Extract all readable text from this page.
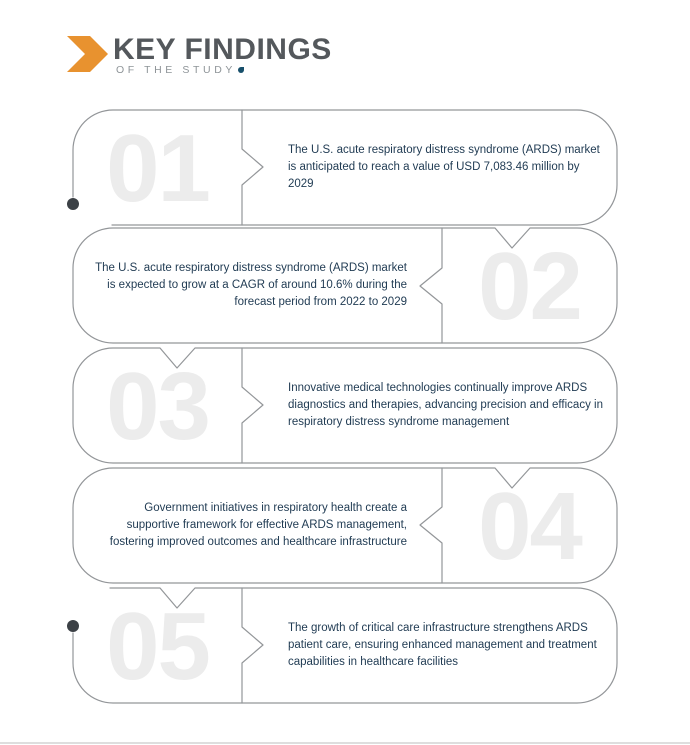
KEY FINDINGS
OF THE STUDY
01	The U.S. acute respiratory distress syndrome (ARDS) market is anticipated to reach a value of USD 7,083.46 million by 2029

02

The U.S. acute respiratory distress syndrome (ARDS) market is expected to grow at a CAGR of around 10.6% during the forecast period from 2022 to 2029

03	Innovative medical technologies continually improve ARDS diagnostics and therapies, advancing precision and efficacy in respiratory distress syndrome management

04

Government initiatives in respiratory health create a supportive framework for effective ARDS management, fostering improved outcomes and healthcare infrastructure

05	The growth of critical care infrastructure strengthens ARDS patient care, ensuring enhanced management and treatment capabilities in healthcare facilities
